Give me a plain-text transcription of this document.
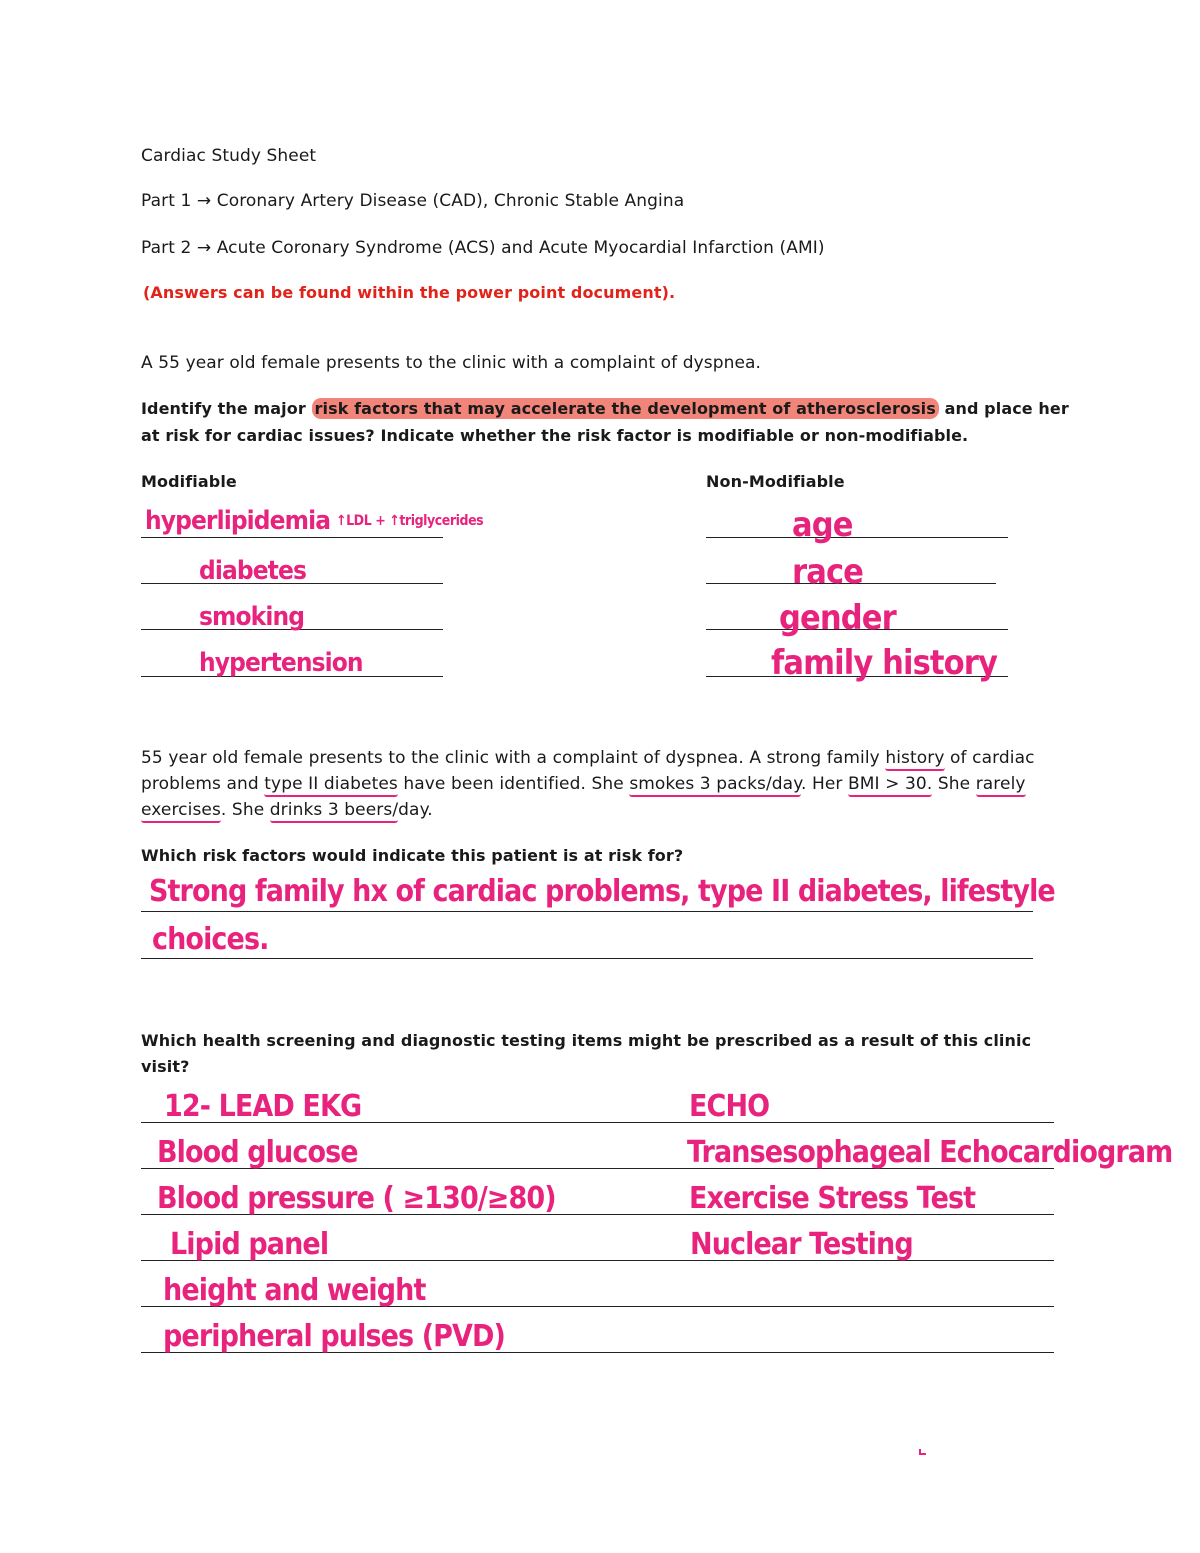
Cardiac Study Sheet
Part 1 → Coronary Artery Disease (CAD), Chronic Stable Angina
Part 2 → Acute Coronary Syndrome (ACS) and Acute Myocardial Infarction (AMI)
(Answers can be found within the power point document).
A 55 year old female presents to the clinic with a complaint of dyspnea.
Identify the major risk factors that may accelerate the development of atherosclerosis and place her
at risk for cardiac issues? Indicate whether the risk factor is modifiable or non-modifiable.
Modifiable	Non-Modifiable
hyperlipidemia ↑LDL + ↑triglycerides
diabetes
smoking
hypertension
age
race
gender
family history
55 year old female presents to the clinic with a complaint of dyspnea. A strong family history of cardiac
problems and type II diabetes have been identified. She smokes 3 packs/day. Her BMI > 30. She rarely
exercises. She drinks 3 beers/day.
Which risk factors would indicate this patient is at risk for?
Strong family hx of cardiac problems, type II diabetes, lifestyle
choices.
Which health screening and diagnostic testing items might be prescribed as a result of this clinic
visit?
12- LEAD EKG
Blood glucose
Blood pressure ( ≥130/≥80)
Lipid panel
height and weight
peripheral pulses (PVD)
ECHO
Transesophageal Echocardiogram
Exercise Stress Test
Nuclear Testing
